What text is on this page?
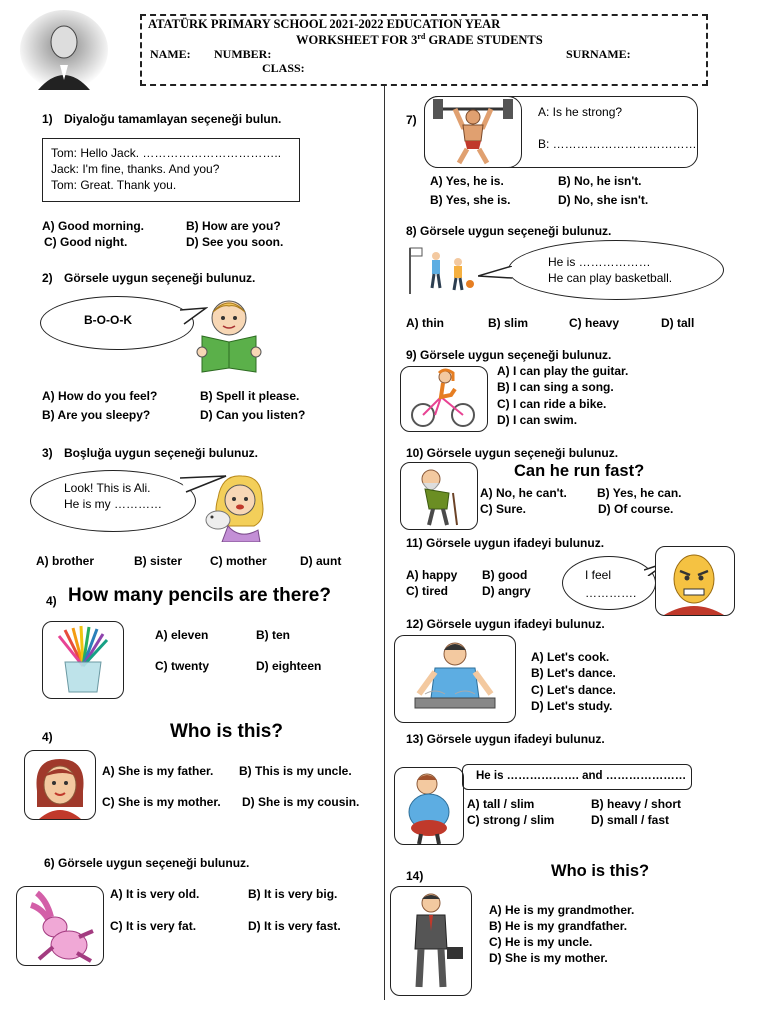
ATATÜRK PRIMARY SCHOOL 2021-2022 EDUCATION YEAR
WORKSHEET FOR 3rd GRADE STUDENTS
NAME: NUMBER:	SURNAME:
CLASS:
1) Diyaloğu tamamlayan seçeneği bulun.
Tom: Hello Jack. ……………………………..
Jack: I'm fine, thanks. And you?
Tom: Great. Thank you.
A) Good morning.	B) How are you?
C) Good night.	D) See you soon.
2) Görsele uygun seçeneği bulunuz.
B-O-O-K
A) How do you feel?	B) Spell it please.
B) Are you sleepy?	D) Can you listen?
3) Boşluğa uygun seçeneği bulunuz.
Look! This is Ali.
He is my …………
A) brother	B) sister C) mother	D) aunt
4) How many pencils are there?
A) eleven	B) ten
C) twenty	D) eighteen
4)	Who is this?
A) She is my father. B) This is my uncle.
C) She is my mother. D) She is my cousin.
6) Görsele uygun seçeneği bulunuz.
A) It is very old.	B) It is very big.
C) It is very fat.	D) It is very fast.
7)
A: Is he strong?
B: ………………………………
A) Yes, he is.	B) No, he isn't.
B) Yes, she is.	D) No, she isn't.
8) Görsele uygun seçeneği bulunuz.
He is ………………
He can play basketball.
A) thin	B) slim	C) heavy	D) tall
9) Görsele uygun seçeneği bulunuz.
A) I can play the guitar.
B) I can sing a song.
C) I can ride a bike.
D) I can swim.
10) Görsele uygun seçeneği bulunuz.
Can he run fast?
A) No, he can't.	B) Yes, he can.
C) Sure.	D) Of course.
11) Görsele uygun ifadeyi bulunuz.
A) happy B) good
C) tired	D) angry
I feel
………….
12) Görsele uygun ifadeyi bulunuz.
A) Let's cook.
B) Let's dance.
C) Let's dance.
D) Let's study.
13) Görsele uygun ifadeyi bulunuz.
He is ………………. and …………………
A) tall / slim	B) heavy / short
C) strong / slim	D) small / fast
14)	Who is this?
A) He is my grandmother.
B) He is my grandfather.
C) He is my uncle.
D) She is my mother.
